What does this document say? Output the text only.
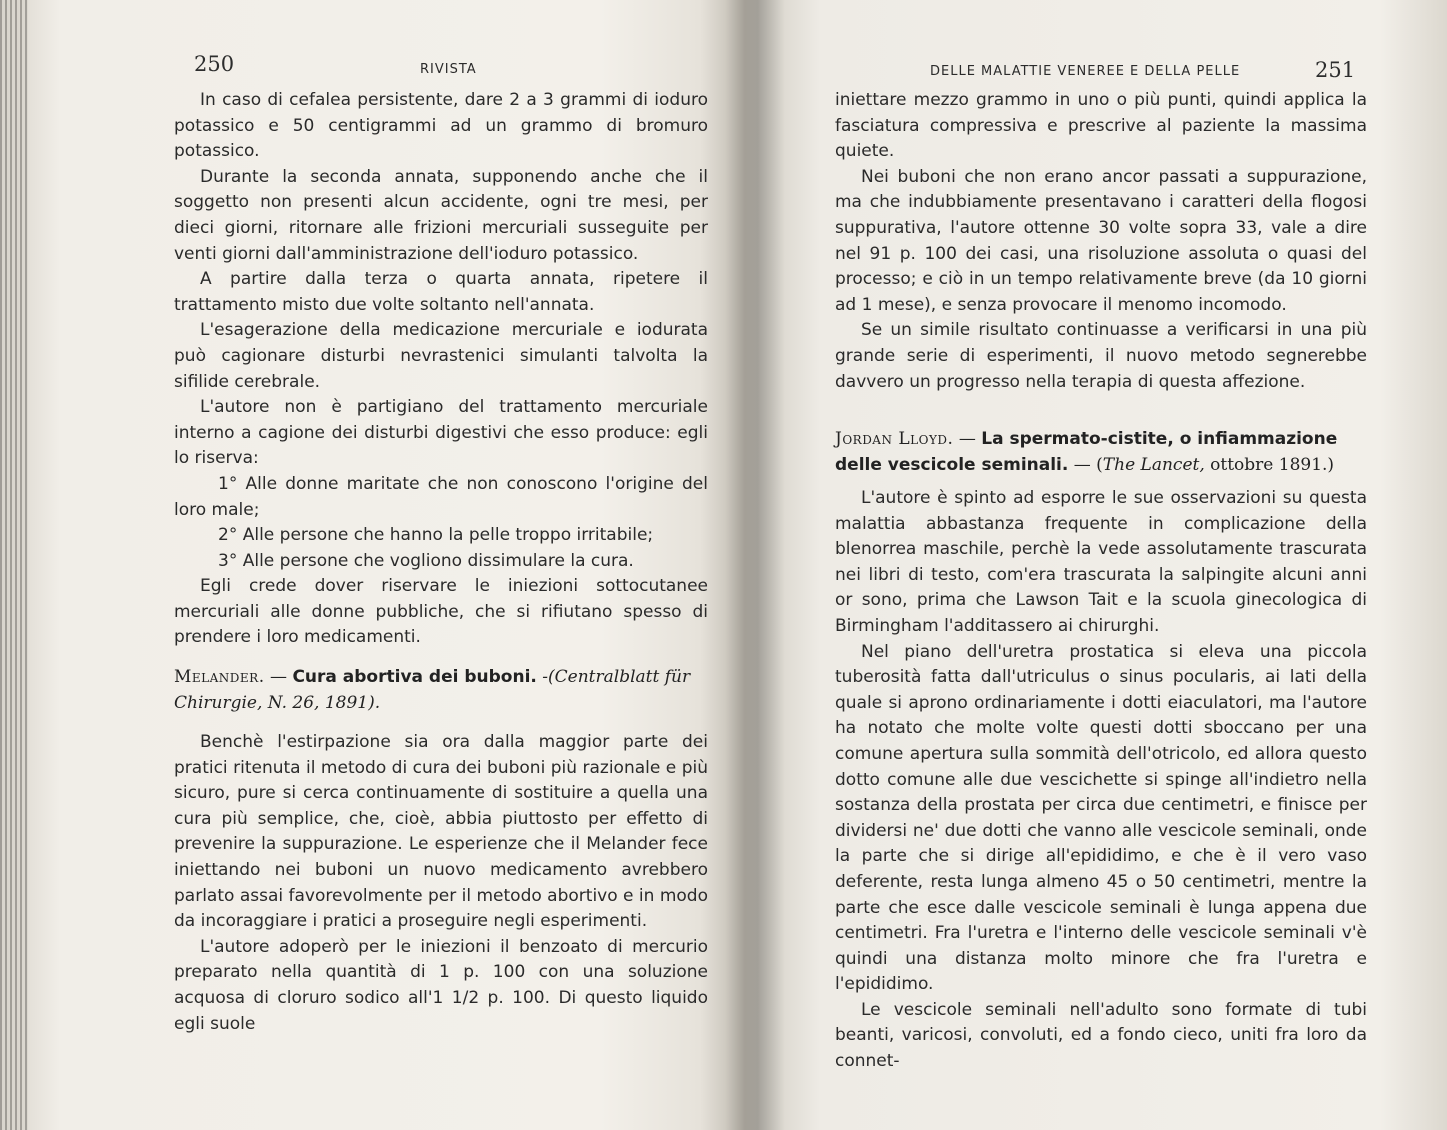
250	RIVISTA

In caso di cefalea persistente, dare 2 a 3 grammi di ioduro potassico e 50 centigrammi ad un grammo di bromuro potassico.

Durante la seconda annata, supponendo anche che il soggetto non presenti alcun accidente, ogni tre mesi, per dieci giorni, ritornare alle frizioni mercuriali susseguite per venti giorni dall'amministrazione dell'ioduro potassico.

A partire dalla terza o quarta annata, ripetere il trattamento misto due volte soltanto nell'annata.

L'esagerazione della medicazione mercuriale e iodurata può cagionare disturbi nevrastenici simulanti talvolta la sifilide cerebrale.

L'autore non è partigiano del trattamento mercuriale interno a cagione dei disturbi digestivi che esso produce: egli lo riserva:

1° Alle donne maritate che non conoscono l'origine del loro male;

2° Alle persone che hanno la pelle troppo irritabile;

3° Alle persone che vogliono dissimulare la cura.

Egli crede dover riservare le iniezioni sottocutanee mercuriali alle donne pubbliche, che si rifiutano spesso di prendere i loro medicamenti.

Melander. — Cura abortiva dei buboni. -(Centralblatt für Chirurgie, N. 26, 1891).

Benchè l'estirpazione sia ora dalla maggior parte dei pratici ritenuta il metodo di cura dei buboni più razionale e più sicuro, pure si cerca continuamente di sostituire a quella una cura più semplice, che, cioè, abbia piuttosto per effetto di prevenire la suppurazione. Le esperienze che il Melander fece iniettando nei buboni un nuovo medicamento avrebbero parlato assai favorevolmente per il metodo abortivo e in modo da incoraggiare i pratici a proseguire negli esperimenti.

L'autore adoperò per le iniezioni il benzoato di mercurio preparato nella quantità di 1 p. 100 con una soluzione acquosa di cloruro sodico all'1 1/2 p. 100. Di questo liquido egli suole

DELLE MALATTIE VENEREE E DELLA PELLE	251

iniettare mezzo grammo in uno o più punti, quindi applica la fasciatura compressiva e prescrive al paziente la massima quiete.

Nei buboni che non erano ancor passati a suppurazione, ma che indubbiamente presentavano i caratteri della flogosi suppurativa, l'autore ottenne 30 volte sopra 33, vale a dire nel 91 p. 100 dei casi, una risoluzione assoluta o quasi del processo; e ciò in un tempo relativamente breve (da 10 giorni ad 1 mese), e senza provocare il menomo incomodo.

Se un simile risultato continuasse a verificarsi in una più grande serie di esperimenti, il nuovo metodo segnerebbe davvero un progresso nella terapia di questa affezione.

Jordan Lloyd. — La spermato-cistite, o infiammazione delle vescicole seminali. — (The Lancet, ottobre 1891.)

L'autore è spinto ad esporre le sue osservazioni su questa malattia abbastanza frequente in complicazione della blenorrea maschile, perchè la vede assolutamente trascurata nei libri di testo, com'era trascurata la salpingite alcuni anni or sono, prima che Lawson Tait e la scuola ginecologica di Birmingham l'additassero ai chirurghi.

Nel piano dell'uretra prostatica si eleva una piccola tuberosità fatta dall'utriculus o sinus pocularis, ai lati della quale si aprono ordinariamente i dotti eiaculatori, ma l'autore ha notato che molte volte questi dotti sboccano per una comune apertura sulla sommità dell'otricolo, ed allora questo dotto comune alle due vescichette si spinge all'indietro nella sostanza della prostata per circa due centimetri, e finisce per dividersi ne' due dotti che vanno alle vescicole seminali, onde la parte che si dirige all'epididimo, e che è il vero vaso deferente, resta lunga almeno 45 o 50 centimetri, mentre la parte che esce dalle vescicole seminali è lunga appena due centimetri. Fra l'uretra e l'interno delle vescicole seminali v'è quindi una distanza molto minore che fra l'uretra e l'epididimo.

Le vescicole seminali nell'adulto sono formate di tubi beanti, varicosi, convoluti, ed a fondo cieco, uniti fra loro da connet-
